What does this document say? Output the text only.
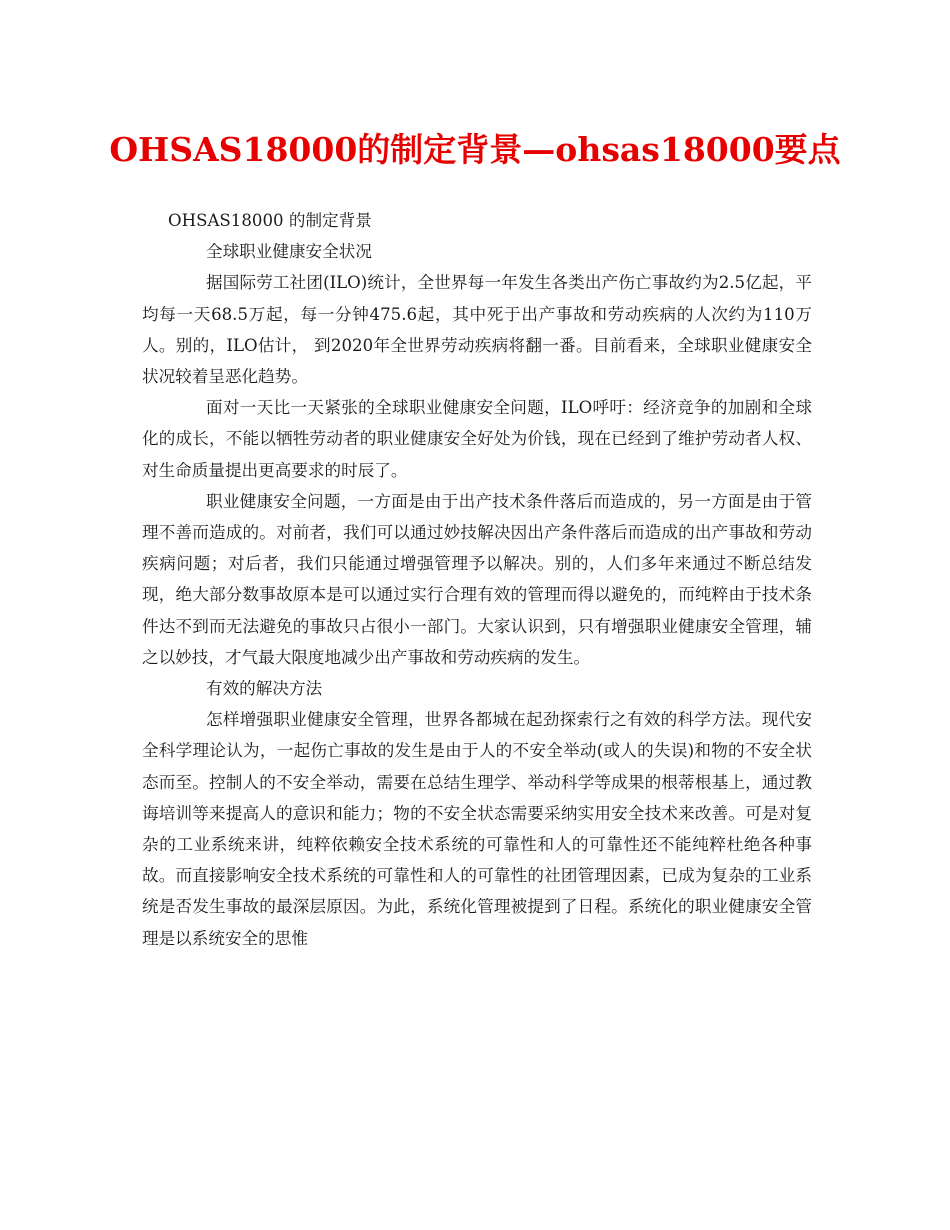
OHSAS18000的制定背景—ohsas18000要点

OHSAS18000 的制定背景

全球职业健康安全状况

据国际劳工社团(ILO)统计，全世界每一年发生各类出产伤亡事故约为2.5亿起，平均每一天68.5万起，每一分钟475.6起，其中死于出产事故和劳动疾病的人次约为110万人。别的，ILO估计， 到2020年全世界劳动疾病将翻一番。目前看来，全球职业健康安全状况较着呈恶化趋势。

面对一天比一天紧张的全球职业健康安全问题，ILO呼吁：经济竞争的加剧和全球化的成长，不能以牺牲劳动者的职业健康安全好处为价钱，现在已经到了维护劳动者人权、对生命质量提出更高要求的时辰了。

职业健康安全问题，一方面是由于出产技术条件落后而造成的，另一方面是由于管理不善而造成的。对前者，我们可以通过妙技解决因出产条件落后而造成的出产事故和劳动疾病问题；对后者，我们只能通过增强管理予以解决。别的，人们多年来通过不断总结发现，绝大部分数事故原本是可以通过实行合理有效的管理而得以避免的，而纯粹由于技术条件达不到而无法避免的事故只占很小一部门。大家认识到，只有增强职业健康安全管理，辅之以妙技，才气最大限度地减少出产事故和劳动疾病的发生。

有效的解决方法

怎样增强职业健康安全管理，世界各都城在起劲探索行之有效的科学方法。现代安全科学理论认为，一起伤亡事故的发生是由于人的不安全举动(或人的失误)和物的不安全状态而至。控制人的不安全举动，需要在总结生理学、举动科学等成果的根蒂根基上，通过教诲培训等来提高人的意识和能力；物的不安全状态需要采纳实用安全技术来改善。可是对复杂的工业系统来讲，纯粹依赖安全技术系统的可靠性和人的可靠性还不能纯粹杜绝各种事故。而直接影响安全技术系统的可靠性和人的可靠性的社团管理因素，已成为复杂的工业系统是否发生事故的最深层原因。为此，系统化管理被提到了日程。系统化的职业健康安全管理是以系统安全的思惟
